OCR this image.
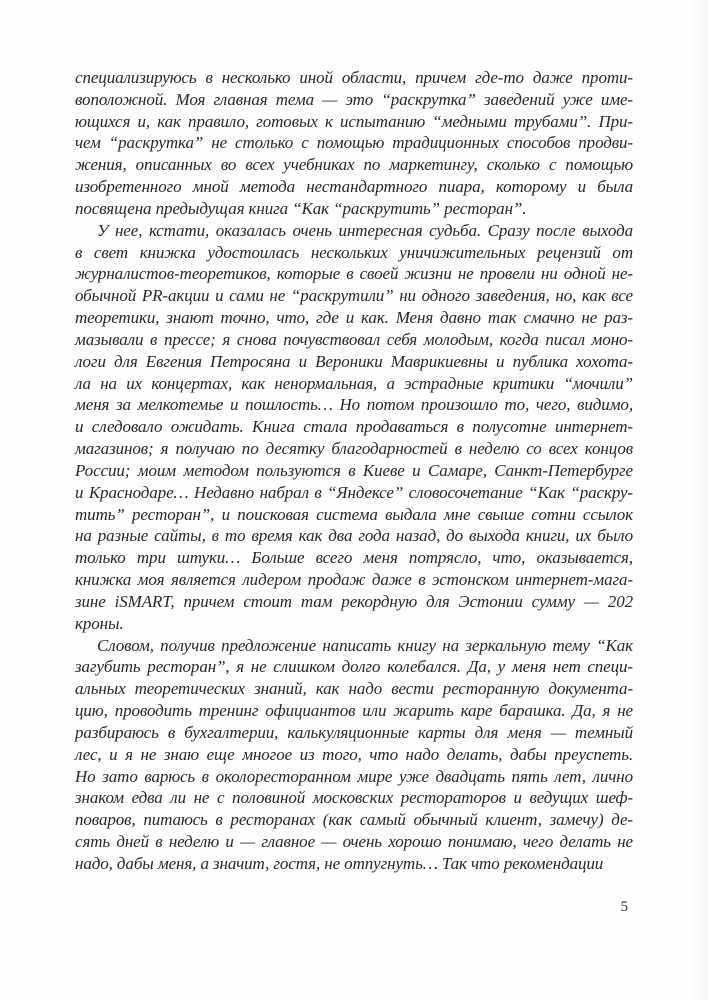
специализируюсь в несколько иной области, причем где-то даже проти-
воположной. Моя главная тема — это “раскрутка” заведений уже име-
ющихся и, как правило, готовых к испытанию “медными трубами”. При-
чем “раскрутка” не столько с помощью традиционных способов продви-
жения, описанных во всех учебниках по маркетингу, сколько с помощью
изобретенного мной метода нестандартного пиара, которому и была
посвящена предыдущая книга “Как “раскрутить” ресторан”.
У нее, кстати, оказалась очень интересная судьба. Сразу после выхода
в свет книжка удостоилась нескольких уничижительных рецензий от
журналистов-теоретиков, которые в своей жизни не провели ни одной не-
обычной PR-акции и сами не “раскрутили” ни одного заведения, но, как все
теоретики, знают точно, что, где и как. Меня давно так смачно не раз-
мазывали в прессе; я снова почувствовал себя молодым, когда писал моно-
логи для Евгения Петросяна и Вероники Маврикиевны и публика хохота-
ла на их концертах, как ненормальная, а эстрадные критики “мочили”
меня за мелкотемье и пошлость… Но потом произошло то, чего, видимо,
и следовало ожидать. Книга стала продаваться в полусотне интернет-
магазинов; я получаю по десятку благодарностей в неделю со всех концов
России; моим методом пользуются в Киеве и Самаре, Санкт-Петербурге
и Краснодаре… Недавно набрал в “Яндексе” словосочетание “Как “раскру-
тить” ресторан”, и поисковая система выдала мне свыше сотни ссылок
на разные сайты, в то время как два года назад, до выхода книги, их было
только три штуки… Больше всего меня потрясло, что, оказывается,
книжка моя является лидером продаж даже в эстонском интернет-мага-
зине iSMART, причем стоит там рекордную для Эстонии сумму — 202
кроны.
Словом, получив предложение написать книгу на зеркальную тему “Как
загубить ресторан”, я не слишком долго колебался. Да, у меня нет специ-
альных теоретических знаний, как надо вести ресторанную документа-
цию, проводить тренинг официантов или жарить каре барашка. Да, я не
разбираюсь в бухгалтерии, калькуляционные карты для меня — темный
лес, и я не знаю еще многое из того, что надо делать, дабы преуспеть.
Но зато варюсь в околоресторанном мире уже двадцать пять лет, лично
знаком едва ли не с половиной московских рестораторов и ведущих шеф-
поваров, питаюсь в ресторанах (как самый обычный клиент, замечу) де-
сять дней в неделю и — главное — очень хорошо понимаю, чего делать не
надо, дабы меня, а значит, гостя, не отпугнуть… Так что рекомендации
5
